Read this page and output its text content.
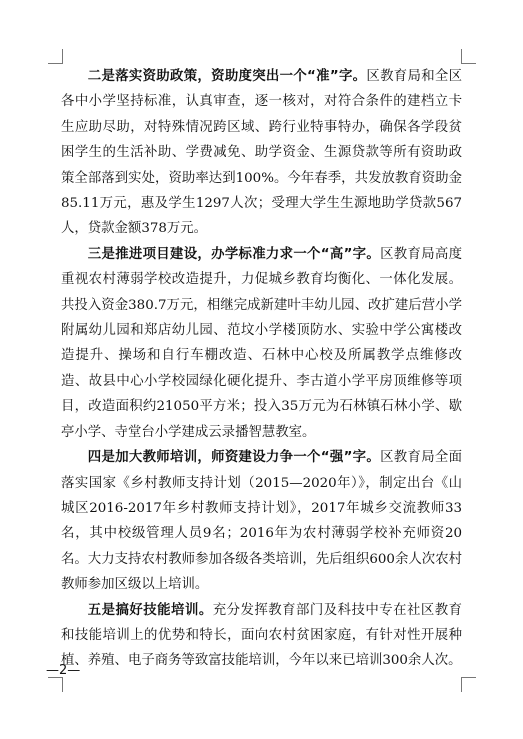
二是落实资助政策，资助度突出一个“准”字。区教育局和全区各中小学坚持标准，认真审查，逐一核对，对符合条件的建档立卡生应助尽助，对特殊情况跨区域、跨行业特事特办，确保各学段贫困学生的生活补助、学费减免、助学资金、生源贷款等所有资助政策全部落到实处，资助率达到100%。今年春季，共发放教育资助金85.11万元，惠及学生1297人次；受理大学生生源地助学贷款567人，贷款金额378万元。

三是推进项目建设，办学标准力求一个“高”字。区教育局高度重视农村薄弱学校改造提升，力促城乡教育均衡化、一体化发展。共投入资金380.7万元，相继完成新建叶丰幼儿园、改扩建后营小学附属幼儿园和郑店幼儿园、范坟小学楼顶防水、实验中学公寓楼改造提升、操场和自行车棚改造、石林中心校及所属教学点维修改造、故县中心小学校园绿化硬化提升、李古道小学平房顶维修等项目，改造面积约21050平方米；投入35万元为石林镇石林小学、歇亭小学、寺堂台小学建成云录播智慧教室。

四是加大教师培训，师资建设力争一个“强”字。区教育局全面落实国家《乡村教师支持计划（2015—2020年）》，制定出台《山城区2016-2017年乡村教师支持计划》，2017年城乡交流教师33名，其中校级管理人员9名；2016年为农村薄弱学校补充师资20名。大力支持农村教师参加各级各类培训，先后组织600余人次农村教师参加区级以上培训。

五是搞好技能培训。充分发挥教育部门及科技中专在社区教育和技能培训上的优势和特长，面向农村贫困家庭，有针对性开展种植、养殖、电子商务等致富技能培训，今年以来已培训300余人次。

—2—
